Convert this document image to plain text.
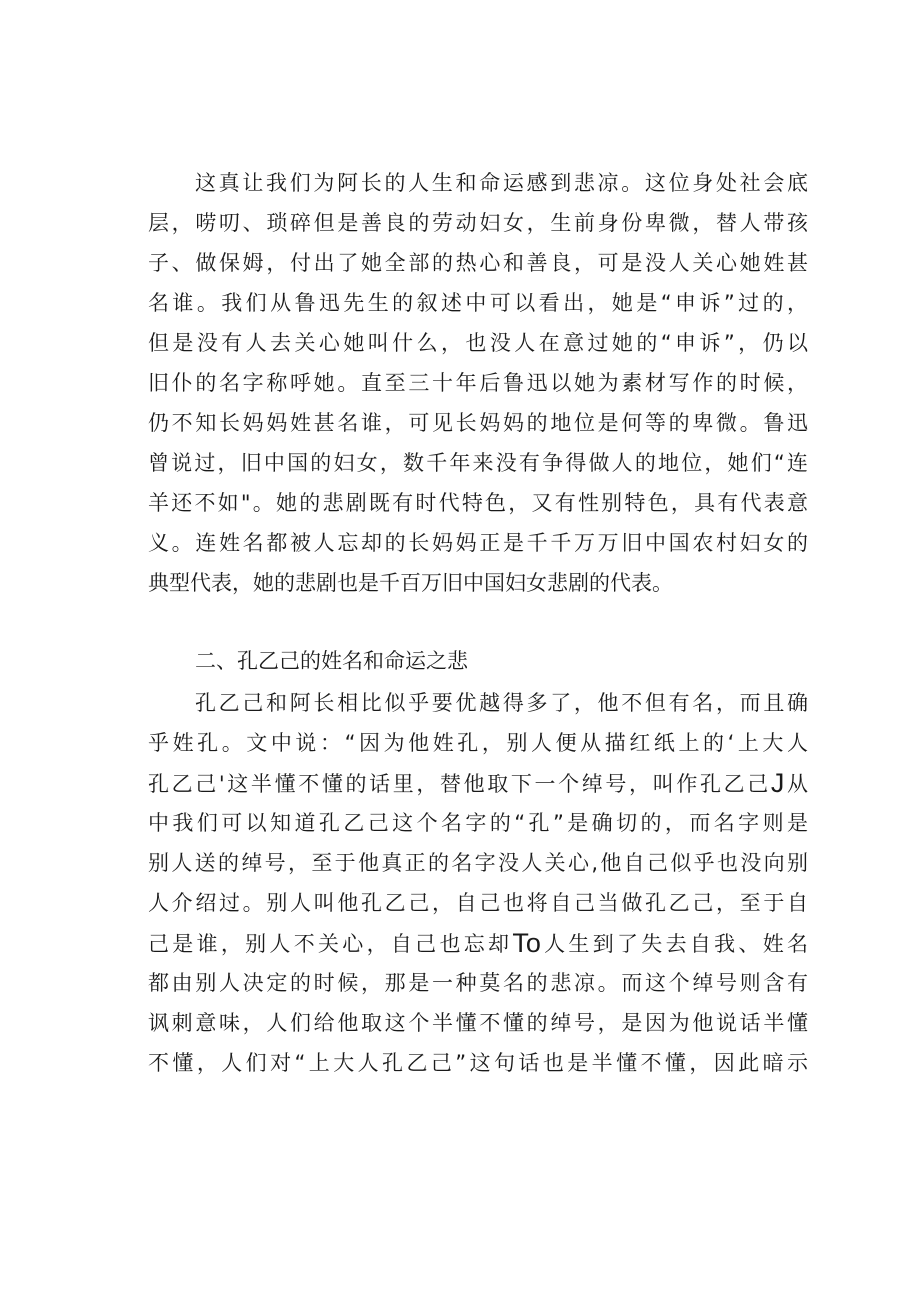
这真让我们为阿长的人生和命运感到悲凉。这位身处社会底
层，唠叨、琐碎但是善良的劳动妇女，生前身份卑微，替人带孩
子、做保姆，付出了她全部的热心和善良，可是没人关心她姓甚
名谁。我们从鲁迅先生的叙述中可以看出，她是“申诉”过的，
但是没有人去关心她叫什么，也没人在意过她的“申诉”，仍以
旧仆的名字称呼她。直至三十年后鲁迅以她为素材写作的时候，
仍不知长妈妈姓甚名谁，可见长妈妈的地位是何等的卑微。鲁迅
曾说过，旧中国的妇女，数千年来没有争得做人的地位，她们“连
羊还不如"。她的悲剧既有时代特色，又有性别特色，具有代表意
义。连姓名都被人忘却的长妈妈正是千千万万旧中国农村妇女的
典型代表，她的悲剧也是千百万旧中国妇女悲剧的代表。
二、孔乙己的姓名和命运之悲
孔乙己和阿长相比似乎要优越得多了，他不但有名，而且确
乎姓孔。文中说：“因为他姓孔，别人便从描红纸上的‘上大人
孔乙己'这半懂不懂的话里，替他取下一个绰号，叫作孔乙己J从
中我们可以知道孔乙己这个名字的“孔”是确切的，而名字则是
别人送的绰号，至于他真正的名字没人关心,他自己似乎也没向别
人介绍过。别人叫他孔乙己，自己也将自己当做孔乙己，至于自
己是谁，别人不关心，自己也忘却To人生到了失去自我、姓名
都由别人决定的时候，那是一种莫名的悲凉。而这个绰号则含有
讽刺意味，人们给他取这个半懂不懂的绰号，是因为他说话半懂
不懂，人们对“上大人孔乙己”这句话也是半懂不懂，因此暗示
